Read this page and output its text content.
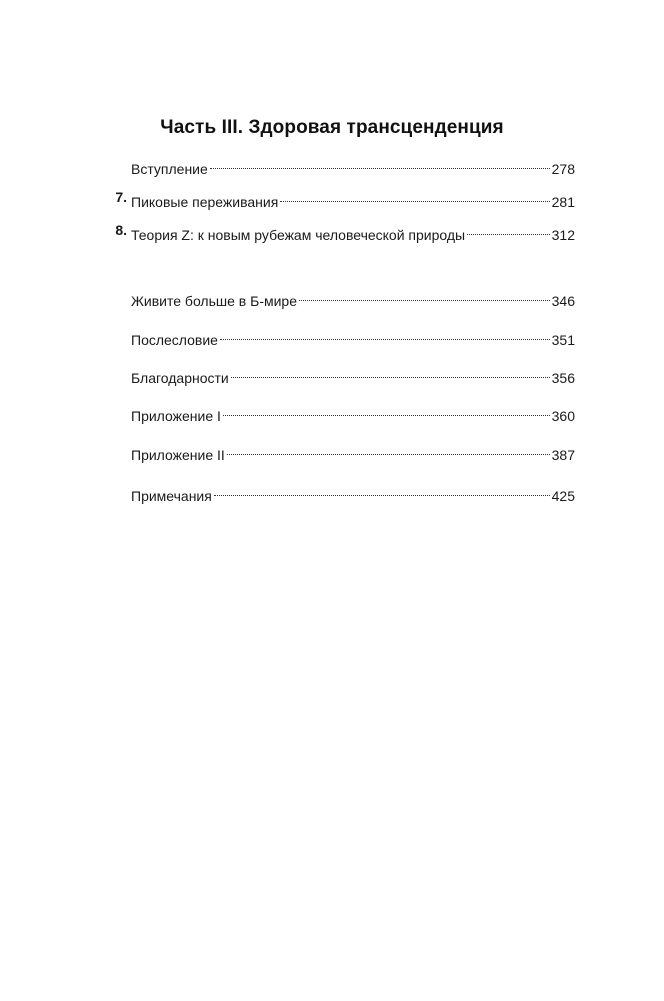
Часть III. Здоровая трансценденция
Вступление	278
7. Пиковые переживания	281
8. Теория Z: к новым рубежам человеческой природы	312
Живите больше в Б-мире	346
Послесловие	351
Благодарности	356
Приложение I	360
Приложение II	387
Примечания	425
